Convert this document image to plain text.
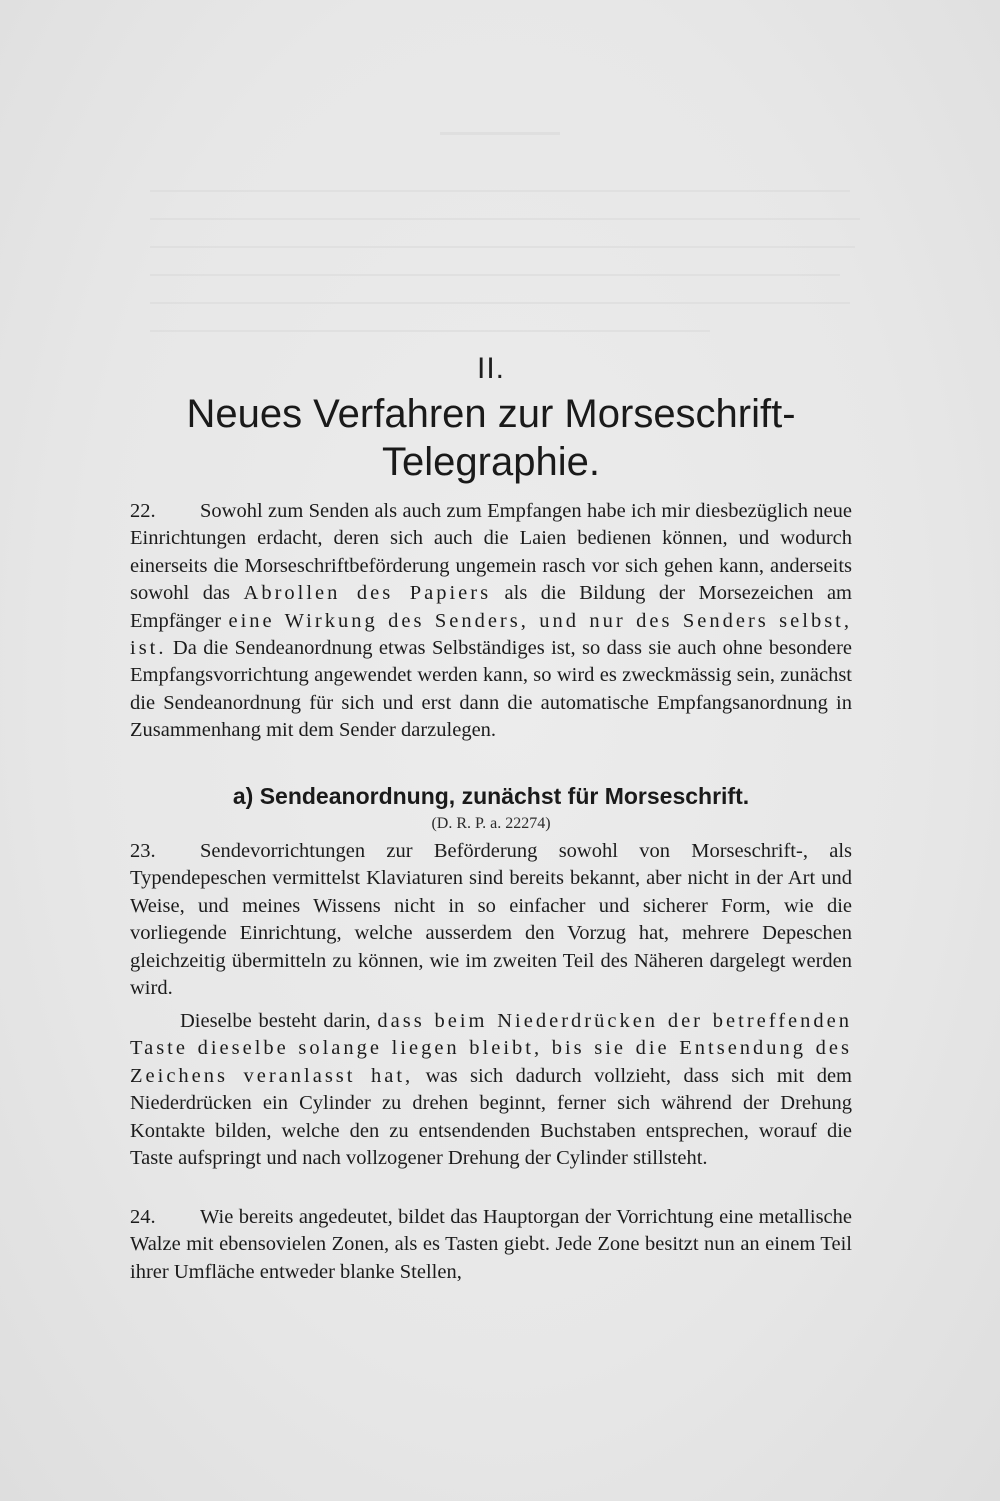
II.
Neues Verfahren zur Morseschrift-
Telegraphie.

22. Sowohl zum Senden als auch zum Empfangen habe ich mir diesbezüglich neue Einrichtungen erdacht, deren sich auch die Laien bedienen können, und wodurch einerseits die Morseschriftbeförderung ungemein rasch vor sich gehen kann, anderseits sowohl das Abrollen des Papiers als die Bildung der Morsezeichen am Empfänger eine Wirkung des Senders, und nur des Senders selbst, ist. Da die Sendeanordnung etwas Selbständiges ist, so dass sie auch ohne besondere Empfangsvorrichtung angewendet werden kann, so wird es zweckmässig sein, zunächst die Sendeanordnung für sich und erst dann die automatische Empfangsanordnung in Zusammenhang mit dem Sender darzulegen.

a) Sendeanordnung, zunächst für Morseschrift.
(D. R. P. a. 22274)

23. Sendevorrichtungen zur Beförderung sowohl von Morseschrift-, als Typendepeschen vermittelst Klaviaturen sind bereits bekannt, aber nicht in der Art und Weise, und meines Wissens nicht in so einfacher und sicherer Form, wie die vorliegende Einrichtung, welche ausserdem den Vorzug hat, mehrere Depeschen gleichzeitig übermitteln zu können, wie im zweiten Teil des Näheren dargelegt werden wird.

Dieselbe besteht darin, dass beim Niederdrücken der betreffenden Taste dieselbe solange liegen bleibt, bis sie die Entsendung des Zeichens veranlasst hat, was sich dadurch vollzieht, dass sich mit dem Niederdrücken ein Cylinder zu drehen beginnt, ferner sich während der Drehung Kontakte bilden, welche den zu entsendenden Buchstaben entsprechen, worauf die Taste aufspringt und nach vollzogener Drehung der Cylinder stillsteht.

24. Wie bereits angedeutet, bildet das Hauptorgan der Vorrichtung eine metallische Walze mit ebensovielen Zonen, als es Tasten giebt. Jede Zone besitzt nun an einem Teil ihrer Umfläche entweder blanke Stellen,
